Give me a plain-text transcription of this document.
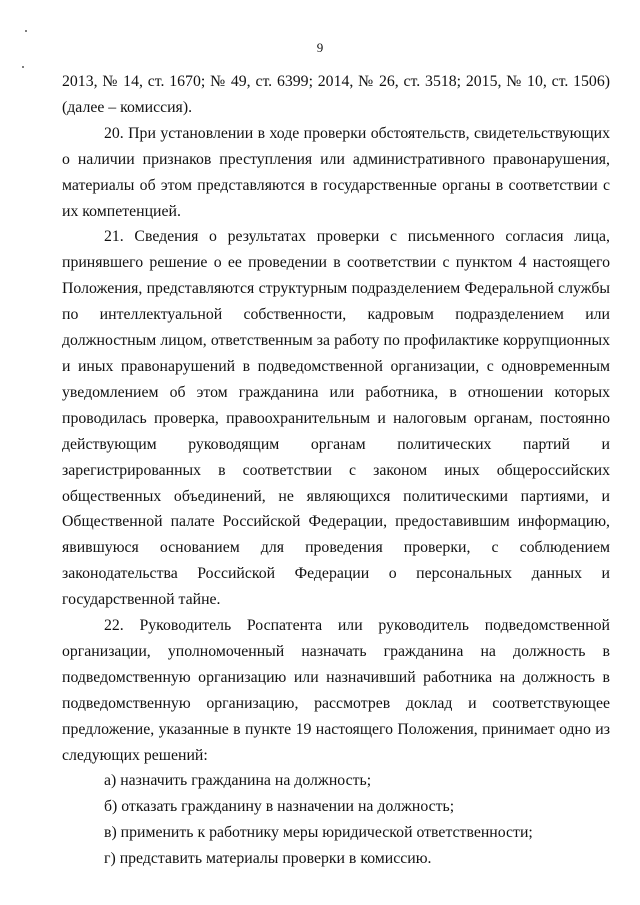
9

2013, № 14, ст. 1670; № 49, ст. 6399; 2014, № 26, ст. 3518; 2015, № 10, ст. 1506) (далее – комиссия).

20. При установлении в ходе проверки обстоятельств, свидетельствующих о наличии признаков преступления или административного правонарушения, материалы об этом представляются в государственные органы в соответствии с их компетенцией.

21. Сведения о результатах проверки с письменного согласия лица, принявшего решение о ее проведении в соответствии с пунктом 4 настоящего Положения, представляются структурным подразделением Федеральной службы по интеллектуальной собственности, кадровым подразделением или должностным лицом, ответственным за работу по профилактике коррупционных и иных правонарушений в подведомственной организации, с одновременным уведомлением об этом гражданина или работника, в отношении которых проводилась проверка, правоохранительным и налоговым органам, постоянно действующим руководящим органам политических партий и зарегистрированных в соответствии с законом иных общероссийских общественных объединений, не являющихся политическими партиями, и Общественной палате Российской Федерации, предоставившим информацию, явившуюся основанием для проведения проверки, с соблюдением законодательства Российской Федерации о персональных данных и государственной тайне.

22. Руководитель Роспатента или руководитель подведомственной организации, уполномоченный назначать гражданина на должность в подведомственную организацию или назначивший работника на должность в подведомственную организацию, рассмотрев доклад и соответствующее предложение, указанные в пункте 19 настоящего Положения, принимает одно из следующих решений:

а) назначить гражданина на должность;

б) отказать гражданину в назначении на должность;

в) применить к работнику меры юридической ответственности;

г) представить материалы проверки в комиссию.
